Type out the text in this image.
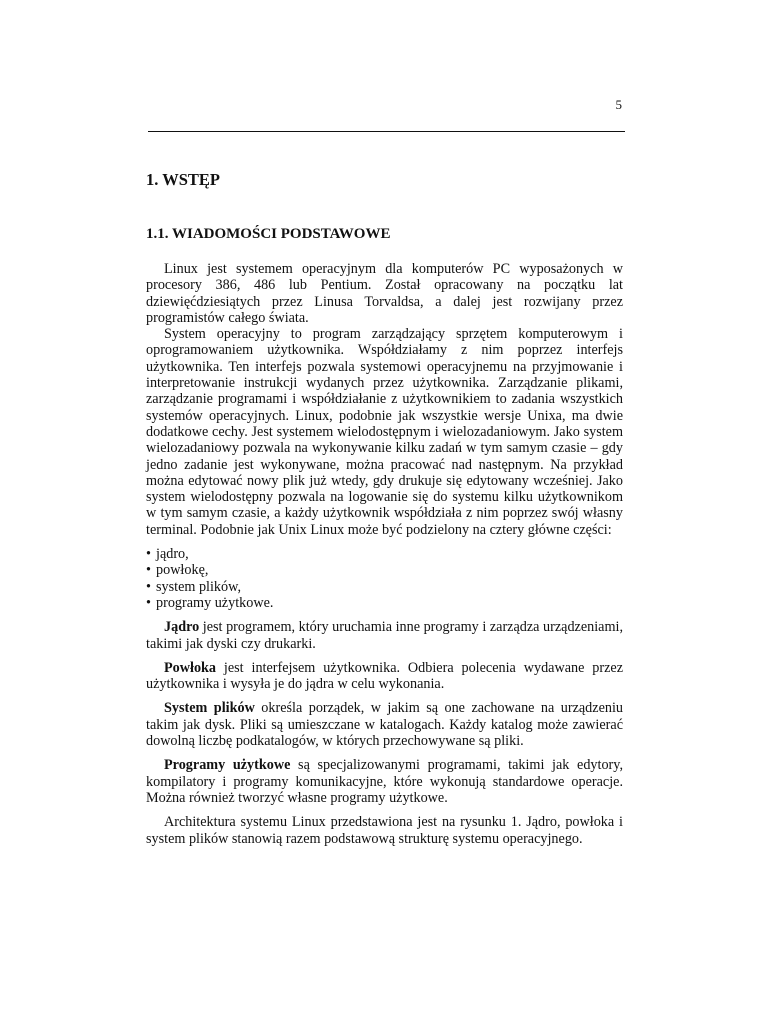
5
1. WSTĘP
1.1. WIADOMOŚCI PODSTAWOWE

Linux jest systemem operacyjnym dla komputerów PC wyposażonych w procesory 386, 486 lub Pentium. Został opracowany na początku lat dziewięćdziesiątych przez Linusa Torvaldsa, a dalej jest rozwijany przez programistów całego świata.

System operacyjny to program zarządzający sprzętem komputerowym i oprogramowaniem użytkownika. Współdziałamy z nim poprzez interfejs użytkownika. Ten interfejs pozwala systemowi operacyjnemu na przyjmowanie i interpretowanie instrukcji wydanych przez użytkownika. Zarządzanie plikami, zarządzanie programami i współdziałanie z użytkownikiem to zadania wszystkich systemów operacyjnych. Linux, podobnie jak wszystkie wersje Unixa, ma dwie dodatkowe cechy. Jest systemem wielodostępnym i wielozadaniowym. Jako system wielozadaniowy pozwala na wykonywanie kilku zadań w tym samym czasie – gdy jedno zadanie jest wykonywane, można pracować nad następnym. Na przykład można edytować nowy plik już wtedy, gdy drukuje się edytowany wcześniej. Jako system wielodostępny pozwala na logowanie się do systemu kilku użytkownikom w tym samym czasie, a każdy użytkownik współdziała z nim poprzez swój własny terminal. Podobnie jak Unix Linux może być podzielony na cztery główne części:

• jądro,
• powłokę,
• system plików,
• programy użytkowe.

Jądro jest programem, który uruchamia inne programy i zarządza urządzeniami, takimi jak dyski czy drukarki.

Powłoka jest interfejsem użytkownika. Odbiera polecenia wydawane przez użytkownika i wysyła je do jądra w celu wykonania.

System plików określa porządek, w jakim są one zachowane na urządzeniu takim jak dysk. Pliki są umieszczane w katalogach. Każdy katalog może zawierać dowolną liczbę podkatalogów, w których przechowywane są pliki.

Programy użytkowe są specjalizowanymi programami, takimi jak edytory, kompilatory i programy komunikacyjne, które wykonują standardowe operacje. Można również tworzyć własne programy użytkowe.

Architektura systemu Linux przedstawiona jest na rysunku 1. Jądro, powłoka i system plików stanowią razem podstawową strukturę systemu operacyjnego.
